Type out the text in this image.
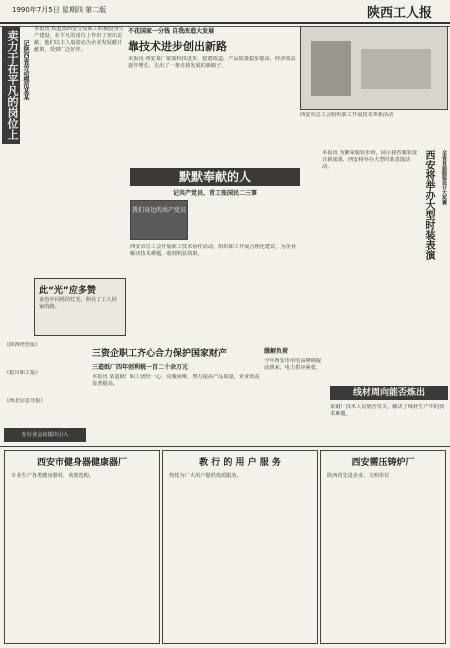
1990年7月5日 星期四 第二版	陕西工人报
卖力干在平凡的岗位上 记陕西省劳动模范某某
本报讯 铁道部西安分局职工积极投身生产建设，在平凡的岗位上作出了突出贡献。他们以主人翁姿态为企业发展献计献策，受到广泛好评。
不花国家一分钱 自我改造大发展
靠技术进步创出新路
本报讯 西安某厂依靠科技进步，挖潜改造，产品质量稳步提高，经济效益逐年增长，走出了一条自我发展的新路子。
西安市总工会组织职工开展技术革新活动
默默奉献的人
记共产党员、青工张国民二三事
我们身边的共产党员
西安市总工会开展职工技术协作活动，组织职工开展合理化建议，为企业解决技术难题，收到明显效果。
全省首届服装设计大奖赛
西安将举办大型时装表演
本报讯 为繁荣服装市场，展示我省服装设计新成果，西安将举办大型时装表演活动。
此“光”应多赞
夜色中闪烁的灯光，照亮了工人回家的路。
《陕西经营报》
《银川职工报》
《西北信息导报》
在行业会议提出引人
三资企职工齐心合力保护国家财产
三造纸厂四年创利税一百二十余万元
本报讯 某造纸厂职工团结一心，克服困难，努力提高产品质量，企业效益显著提高。
缓解负荷
今年西安市用电高峰期提前到来，电力供应紧张。
线材周向能否炼出
某钢厂技术人员刻苦攻关，解决了线材生产中的技术难题。
西安市健身器健康器厂
专业生产各类健身器材，欢迎选购。
教 行 的 用 户 服 务
热忱为广大用户提供优质服务。
西安需压铸炉厂
陕西省先进企业、文明单位
